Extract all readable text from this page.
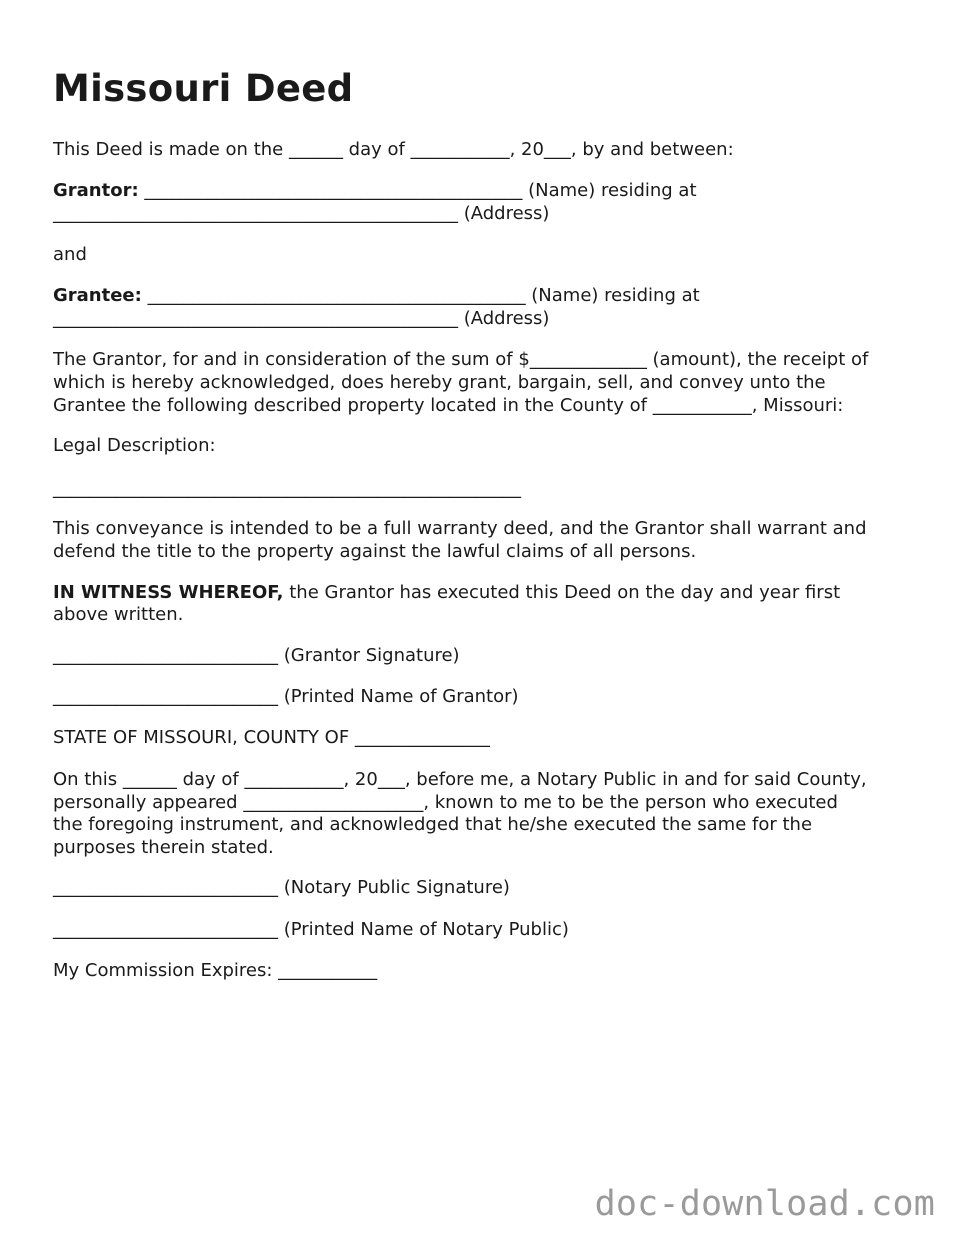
Missouri Deed

This Deed is made on the ______ day of ___________, 20___, by and between:

Grantor: __________________________________________ (Name) residing at

_____________________________________________ (Address)

and

Grantee: __________________________________________ (Name) residing at

_____________________________________________ (Address)

The Grantor, for and in consideration of the sum of $_____________ (amount), the receipt of

which is hereby acknowledged, does hereby grant, bargain, sell, and convey unto the

Grantee the following described property located in the County of ___________, Missouri:

Legal Description:

____________________________________________________

This conveyance is intended to be a full warranty deed, and the Grantor shall warrant and

defend the title to the property against the lawful claims of all persons.

IN WITNESS WHEREOF, the Grantor has executed this Deed on the day and year first

above written.

_________________________ (Grantor Signature)

_________________________ (Printed Name of Grantor)

STATE OF MISSOURI, COUNTY OF _______________

On this ______ day of ___________, 20___, before me, a Notary Public in and for said County,

personally appeared ____________________, known to me to be the person who executed

the foregoing instrument, and acknowledged that he/she executed the same for the

purposes therein stated.

_________________________ (Notary Public Signature)

_________________________ (Printed Name of Notary Public)

My Commission Expires: ___________

doc-download.com
